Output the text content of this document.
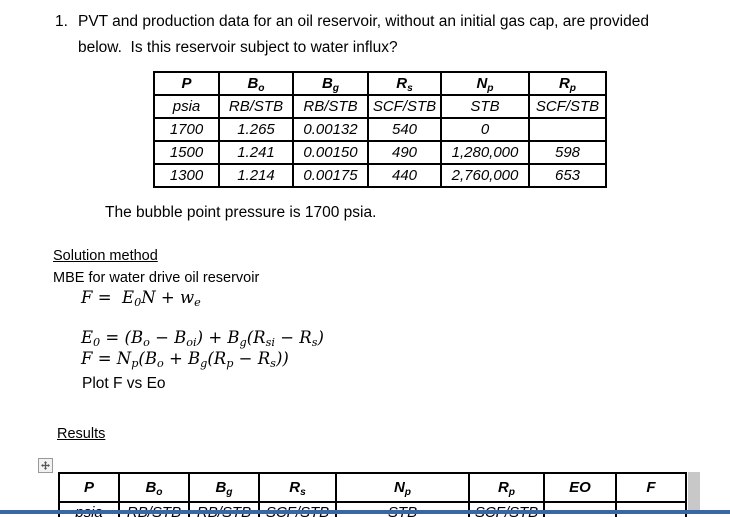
1. PVT and production data for an oil reservoir, without an initial gas cap, are provided
below.  Is this reservoir subject to water influx?
P	$B_o$	$B_g$	$R_s$	$N_p$	$R_p$
psia	RB/STB	RB/STB	SCF/STB	STB	SCF/STB
1700	1.265	0.00132	540	0	
1500	1.241	0.00150	490	1,280,000	598
1300	1.214	0.00175	440	2,760,000	653
The bubble point pressure is 1700 psia.
Solution method
MBE for water drive oil reservoir
$F = E_0N + w_e$
$E_0 = (B_o - B_{oi}) + B_g(R_{si} - R_s)$
$F = N_p(B_o + B_g(R_p - R_s))$
Plot F vs Eo
Results
P	$B_o$	$B_g$	$R_s$	$N_p$	$R_p$	EO	F
